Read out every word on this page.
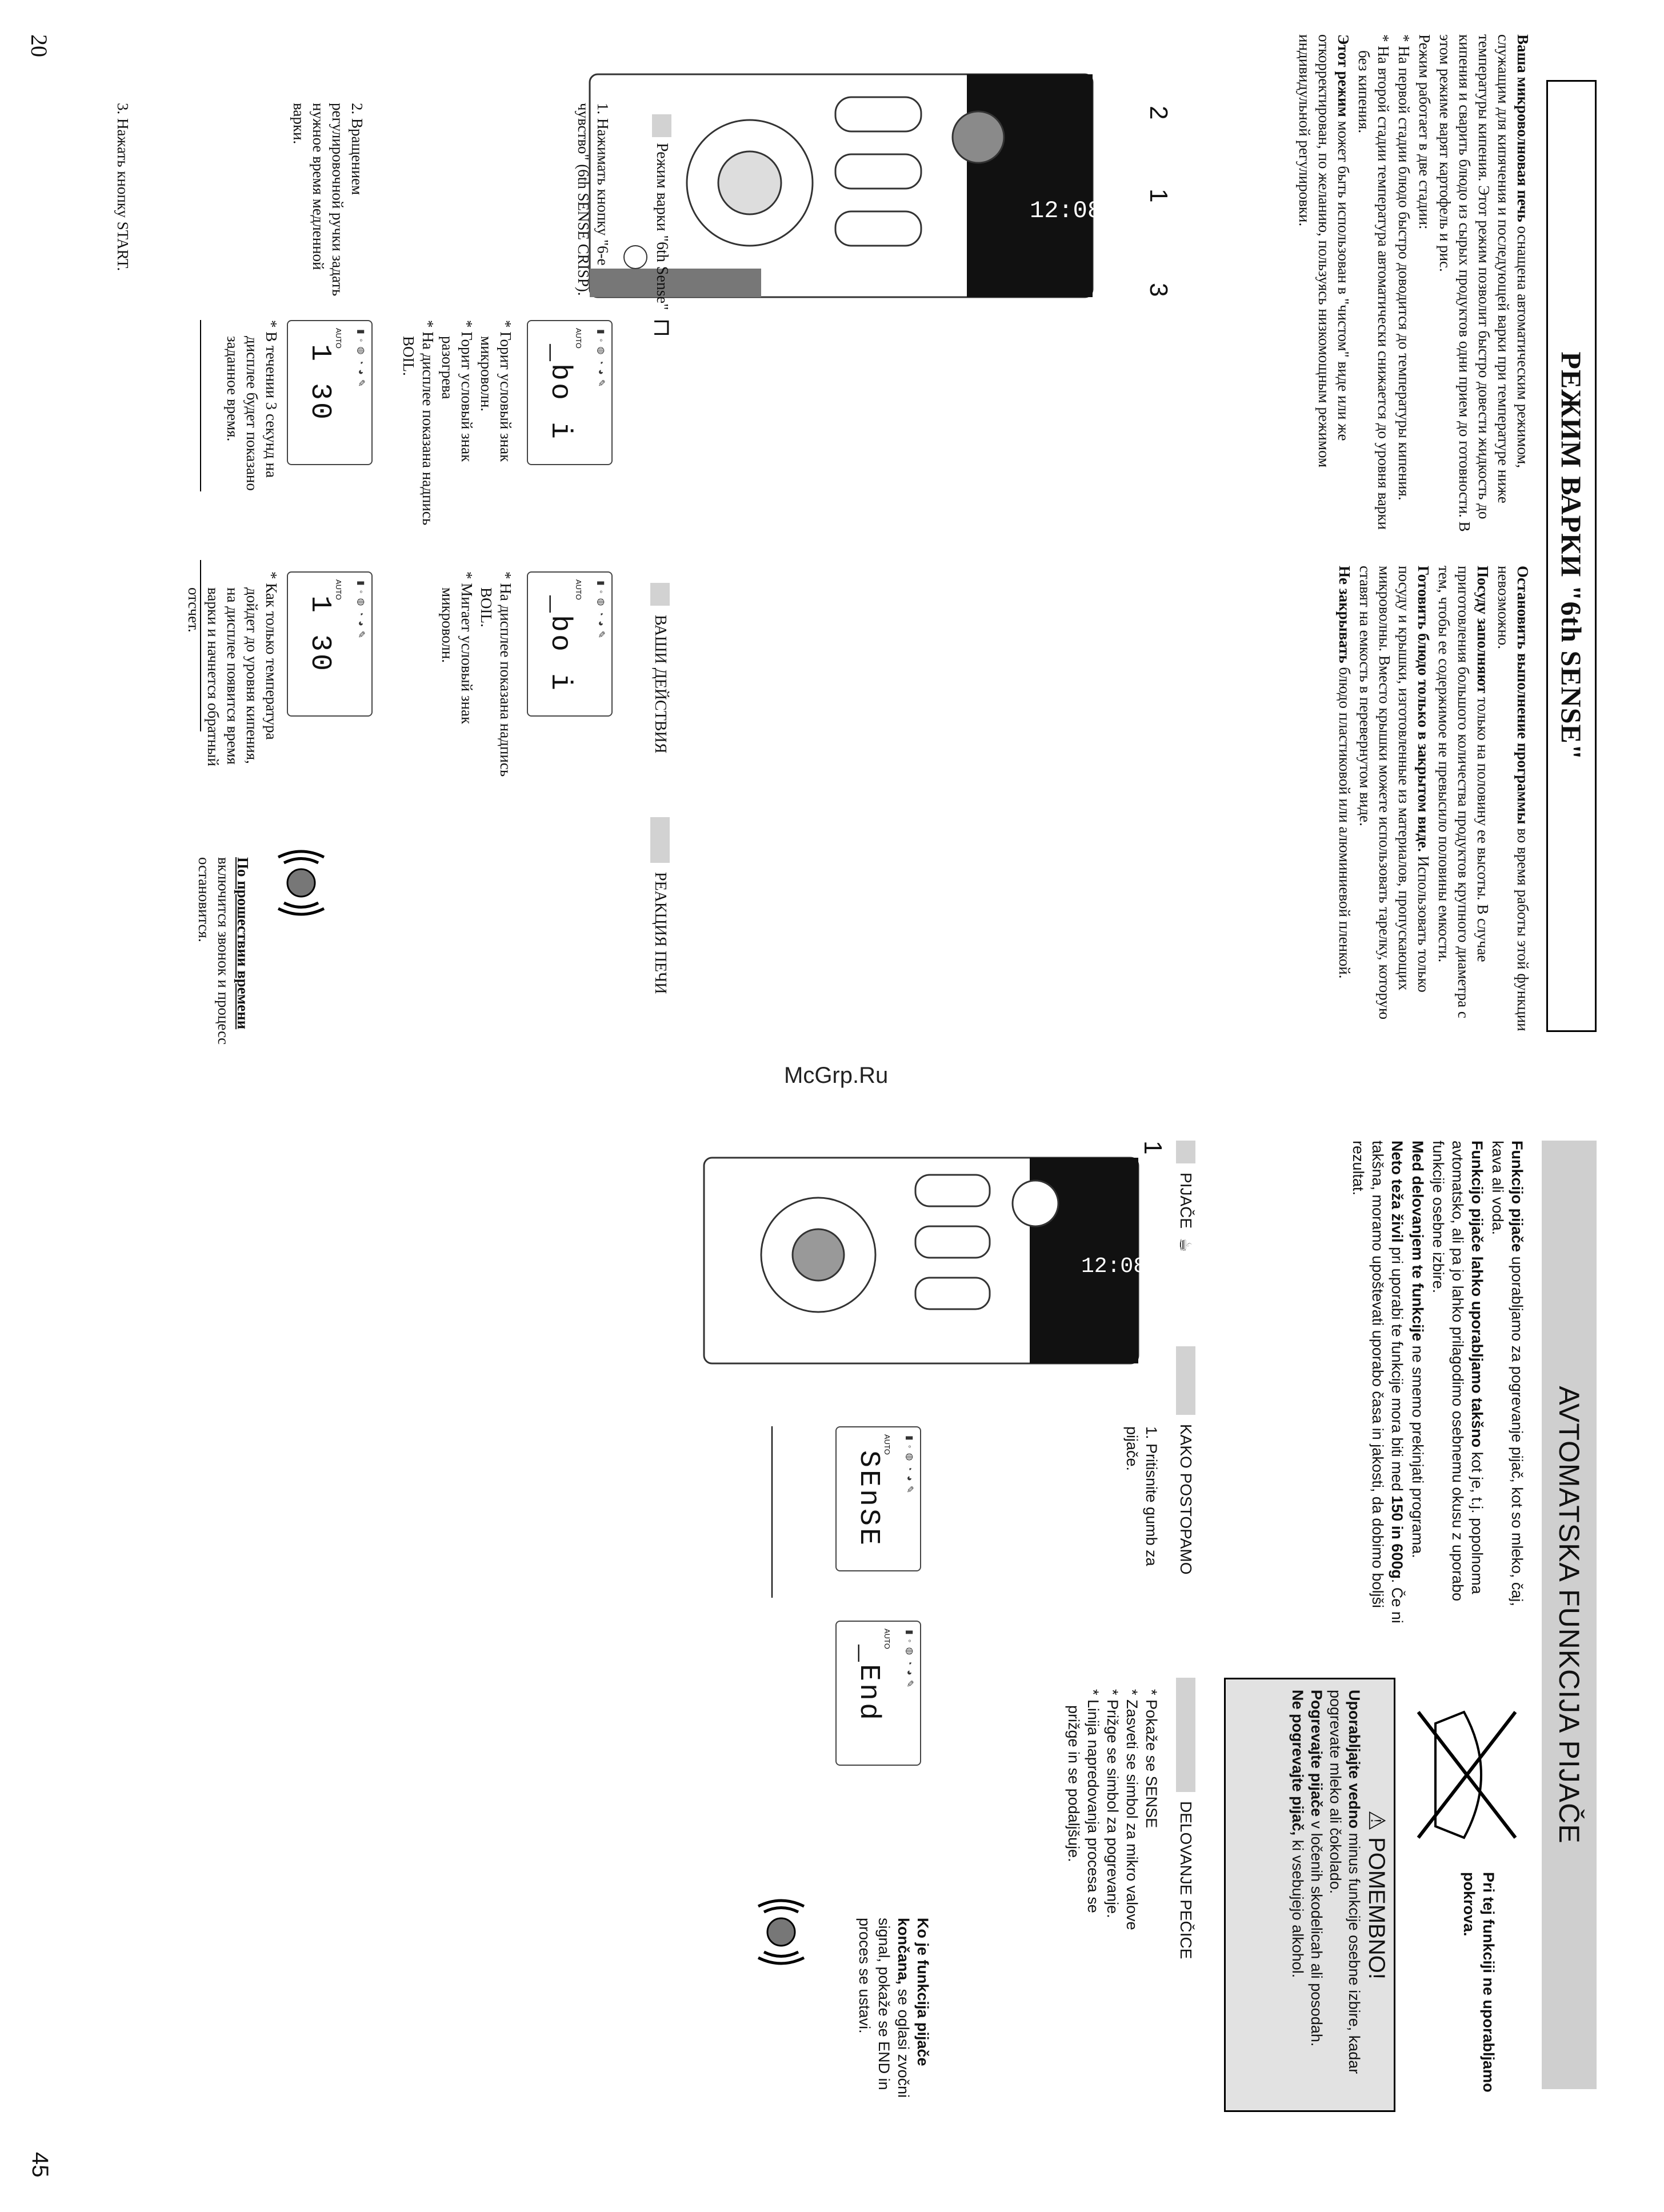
20
РЕЖИМ ВАРКИ "6th SENSE"

Ваша микроволновая печь оснащена автоматическим режимом, служащим для кипячения и последующей варки при температуре ниже температуры кипения. Этот режим позволит быстро довести жидкость до кипения и сварить блюдо из сырых продуктов одни прием до готовности. В этом режиме варят картофель и рис.

Режим работает в две стадии:

* На первой стадии блюдо быстро доводится до температуры кипения.

* На второй стадии температура автоматически снижается до уровня варки без кипения.

Этот режим может быть использован в "чистом" виде или же откорректирован, по желанию, пользуясь низкомощным режимом индивидульной регулировки.

Остановить выполнение программы во время работы этой функции невозможно.

Посуду заполняют только на половину ее высоты. В случае приготовления большого количества продуктов крупного диаметра с тем, чтобы ее содержимое не превысило половины емкости.

Готовить блюдо только в закрытом виде. Использовать только посуду и крышки, изготовленные из материалов, пропускающих микроволны. Вместо крышки можете использовать тарелку, которую ставят на емкость в перевернутом виде.

Не закрывать блюдо пластиковой или алюминиевой пленкой.

12:08
2
1
3
Режим варки "6th Sense"
⊓
ВАШИ ДЕЙСТВИЯ
РЕАКЦИЯ ПЕЧИ
1. Нажимать кнопку "6-е чувство" (6th SENSE CRISP).
2. Вращением регулировочной ручки задать нужное время медленной варки.
3. Нажать кнопку START.
▮◦◍◔◕✎
AUTO
_bo i
▮◦◍◔◕✎
AUTO
1 30
▮◦◍◔◕✎
AUTO
_bo i
▮◦◍◔◕✎
AUTO
1 30
* Горит условый знак микроволн.
* Горит условый знак разогрева
* На дисплее показана надпись BOIL.
* В течении 3 секунд на дисплее будет показано заданное время.
* На дисплее показана надпись BOIL.
* Мигает условый знак микроволн.
* Как только температура дойдет до уровня кипения, на дисплее появится время варки и начнется обратный отсчет.
По прошествии времени включится звонок и процесс остановится.
McGrp.Ru
45
AVTOMATSKA FUNKCIJA PIJAČE

Funkcijo pijače uporabljamo za pogrevanje pijač, kot so mleko, čaj, kava ali voda.

Funkcijo pijače lahko uporabljamo takšno kot je, t.j. popolnoma avtomatsko, ali pa jo lahko prilagodimo osebnemu okusu z uporabo funkcije osebne izbire.

Med delovanjem te funkcije ne smemo prekinjati programa.

Neto teža živil pri uporabi te funkcije mora biti med 150 in 600g. Če ni takšna, moramo upoštevati uporabo časa in jakosti, da dobimo boljši rezultat.

Pri tej funkciji ne uporabljamo pokrova.
⚠ POMEMBNO!
Uporabljajte vedno minus funkcije osebne izbire, kadar pogrevate mleko ali čokolado.
Pogrevajte pijače v ločenih skodelicah ali posodah.
Ne pogrevajte pijač, ki vsebujejo alkohol.
PIJAČE
☕
KAKO POSTOPAMO
DELOVANJE PEČICE
12:08
1
1. Pritisnite gumb za pijače.
▮◦◍◔◕✎
AUTO
SEnSE
▮◦◍◔◕✎
AUTO
_End
* Pokaže se SENSE
* Zasveti se simbol za mikro valove
* Prižge se simbol za pogrevanje.
* Linija napredovanja procesa se prižge in se podaljšuje.
Ko je funkcija pijače končana, se oglasi zvočni signal, pokaže se END in proces se ustavi.
